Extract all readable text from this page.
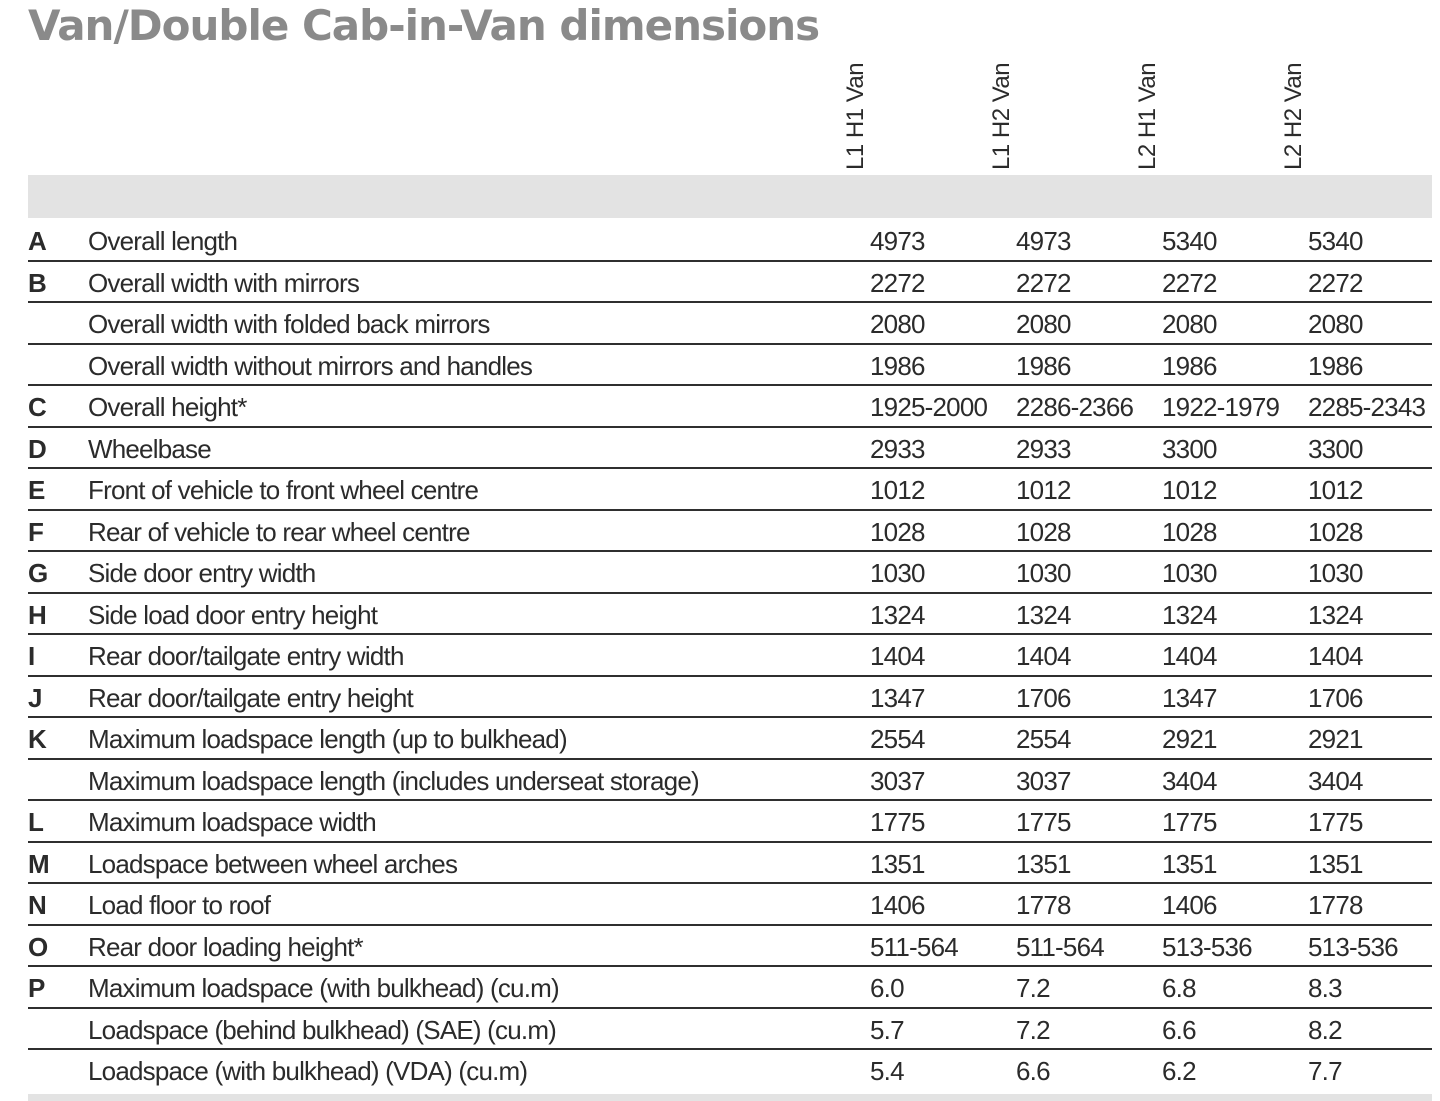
Van/Double Cab-in-Van dimensions
L1 H1 Van	L1 H2 Van	L2 H1 Van	L2 H2 Van
A Overall length	4973	4973	5340	5340
B Overall width with mirrors	2272	2272	2272	2272
Overall width with folded back mirrors	2080	2080	2080	2080
Overall width without mirrors and handles	1986	1986	1986	1986
C Overall height*	1925-2000 2286-2366 1922-1979 2285-2343
D Wheelbase	2933	2933	3300	3300
E Front of vehicle to front wheel centre	1012	1012	1012	1012
F Rear of vehicle to rear wheel centre	1028	1028	1028	1028
G Side door entry width	1030	1030	1030	1030
H Side load door entry height	1324	1324	1324	1324
I Rear door/tailgate entry width	1404	1404	1404	1404
J Rear door/tailgate entry height	1347	1706	1347	1706
K Maximum loadspace length (up to bulkhead)	2554	2554	2921	2921
Maximum loadspace length (includes underseat storage)	3037	3037	3404	3404
L Maximum loadspace width	1775	1775	1775	1775
M Loadspace between wheel arches	1351	1351	1351	1351
N Load floor to roof	1406	1778	1406	1778
O Rear door loading height*	511-564 511-564 513-536 513-536
P Maximum loadspace (with bulkhead) (cu.m)	6.0	7.2	6.8	8.3
Loadspace (behind bulkhead) (SAE) (cu.m)	5.7	7.2	6.6	8.2
Loadspace (with bulkhead) (VDA) (cu.m)	5.4	6.6	6.2	7.7
